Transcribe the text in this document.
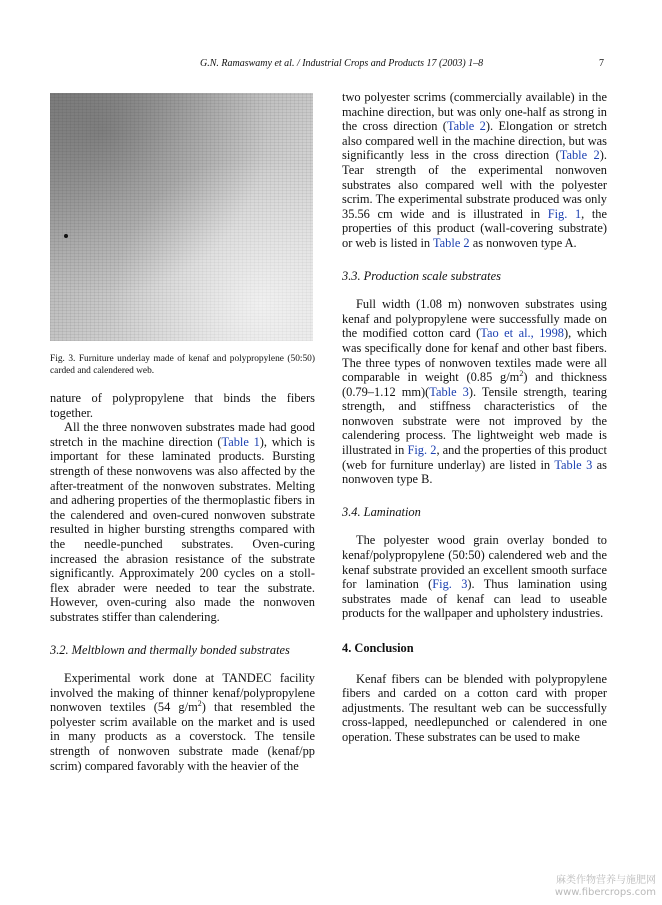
G.N. Ramaswamy et al. / Industrial Crops and Products 17 (2003) 1–8	7

Fig. 3. Furniture underlay made of kenaf and polypropylene (50:50) carded and calendered web.

nature of polypropylene that binds the fibers together.

All the three nonwoven substrates made had good stretch in the machine direction (Table 1), which is important for these laminated products. Bursting strength of these nonwovens was also affected by the after-treatment of the nonwoven substrates. Melting and adhering properties of the thermoplastic fibers in the calendered and oven-cured nonwoven substrate resulted in higher bursting strengths compared with the needle-punched substrates. Oven-curing increased the abrasion resistance of the substrate significantly. Approximately 200 cycles on a stoll-flex abrader were needed to tear the substrate. However, oven-curing also made the nonwoven substrates stiffer than calendering.

3.2. Meltblown and thermally bonded substrates

Experimental work done at TANDEC facility involved the making of thinner kenaf/polypropylene nonwoven textiles (54 $g/m^2$) that resembled the polyester scrim available on the market and is used in many products as a coverstock. The tensile strength of nonwoven substrate made (kenaf/pp scrim) compared favorably with the heavier of the

two polyester scrims (commercially available) in the machine direction, but was only one-half as strong in the cross direction (Table 2). Elongation or stretch also compared well in the machine direction, but was significantly less in the cross direction (Table 2). Tear strength of the experimental nonwoven substrates also compared well with the polyester scrim. The experimental substrate produced was only 35.56 cm wide and is illustrated in Fig. 1, the properties of this product (wall-covering substrate) or web is listed in Table 2 as nonwoven type A.

3.3. Production scale substrates

Full width (1.08 m) nonwoven substrates using kenaf and polypropylene were successfully made on the modified cotton card (Tao et al., 1998), which was specifically done for kenaf and other bast fibers. The three types of nonwoven textiles made were all comparable in weight (0.85 $g/m^2$) and thickness (0.79–1.12 mm)(Table 3). Tensile strength, tearing strength, and stiffness characteristics of the nonwoven substrate were not improved by the calendering process. The lightweight web made is illustrated in Fig. 2, and the properties of this product (web for furniture underlay) are listed in Table 3 as nonwoven type B.

3.4. Lamination

The polyester wood grain overlay bonded to kenaf/polypropylene (50:50) calendered web and the kenaf substrate provided an excellent smooth surface for lamination (Fig. 3). Thus lamination using substrates made of kenaf can lead to useable products for the wallpaper and upholstery industries.

4. Conclusion

Kenaf fibers can be blended with polypropylene fibers and carded on a cotton card with proper adjustments. The resultant web can be successfully cross-lapped, needlepunched or calendered in one operation. These substrates can be used to make

麻类作物营养与施肥网
www.fibercrops.com
